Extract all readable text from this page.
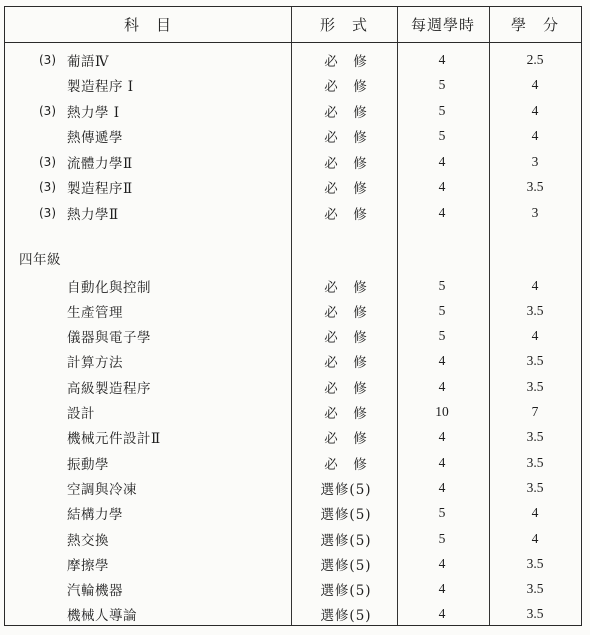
科　目	形　式	每週學時	學　分
(3) 葡語Ⅳ	必　修	4	2.5
製造程序 I	必　修	5	4
(3) 熱力學 I	必　修	5	4
熱傳遞學	必　修	5	4
(3) 流體力學Ⅱ	必　修	4	3
(3) 製造程序Ⅱ	必　修	4	3.5
(3) 熱力學Ⅱ	必　修	4	3
四年級
自動化與控制	必　修	5	4
生產管理	必　修	5	3.5
儀器與電子學	必　修	5	4
計算方法	必　修	4	3.5
高級製造程序	必　修	4	3.5
設計	必　修	10	7
機械元件設計Ⅱ	必　修	4	3.5
振動學	必　修	4	3.5
空調與冷凍	選修(5)	4	3.5
結構力學	選修(5)	5	4
熱交換	選修(5)	5	4
摩擦學	選修(5)	4	3.5
汽輪機器	選修(5)	4	3.5
機械人導論	選修(5)	4	3.5
